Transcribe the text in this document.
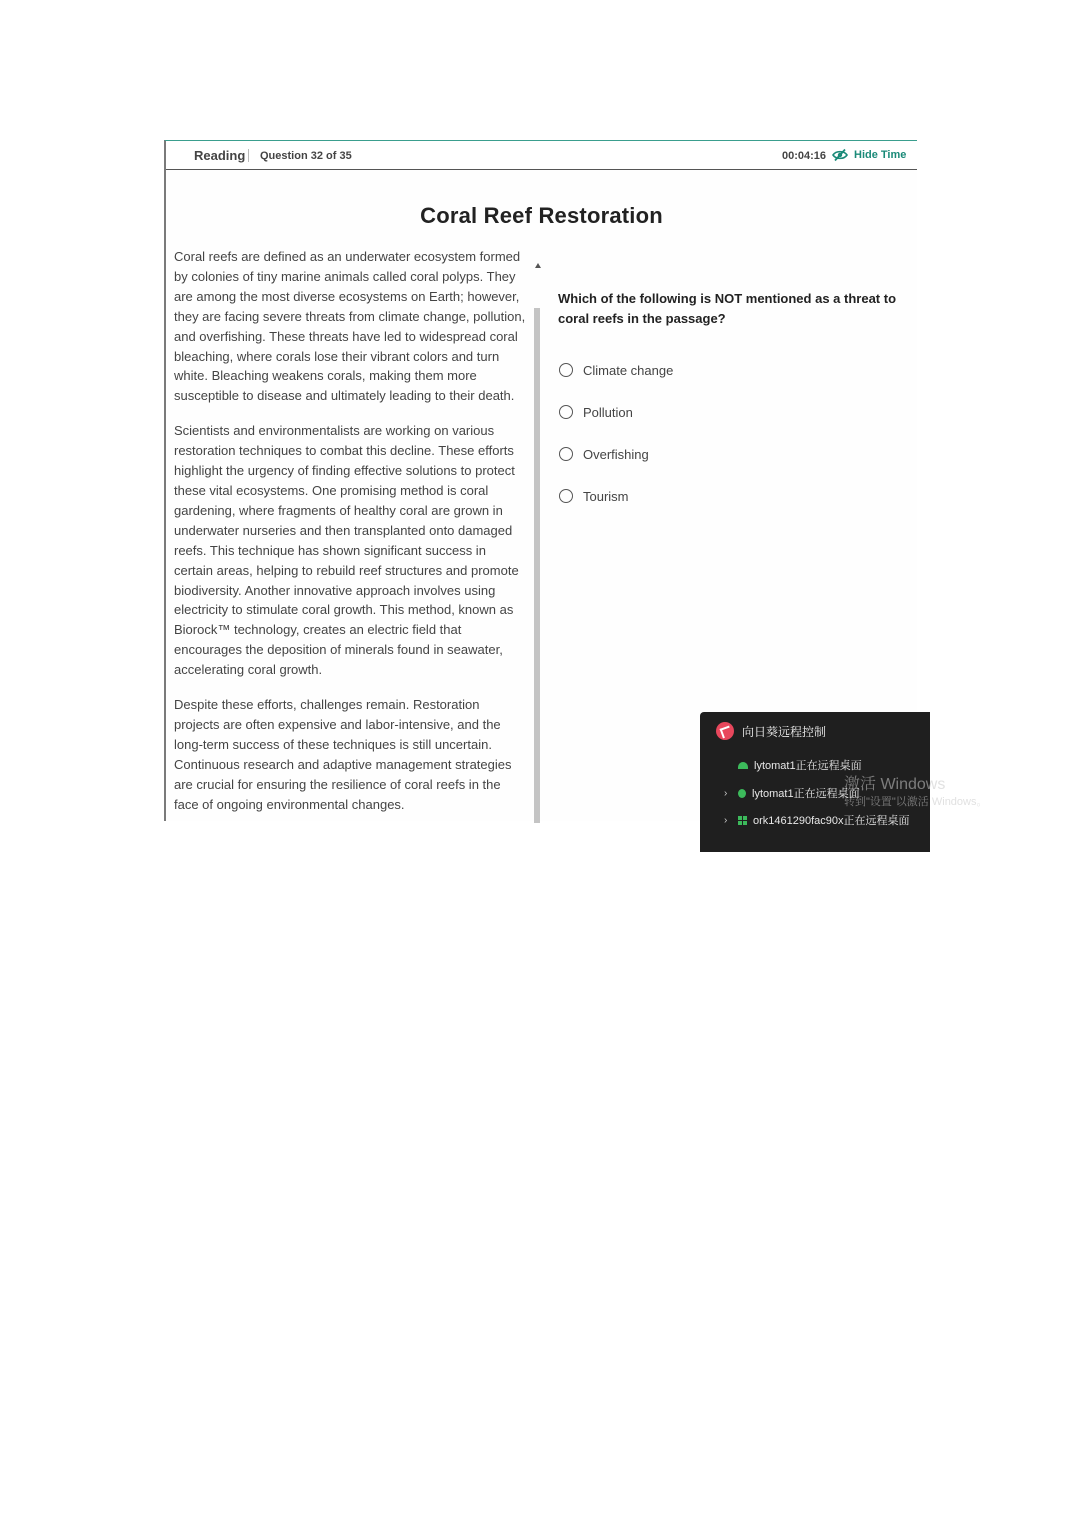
Reading Question 32 of 35	00:04:16	Hide Time
Coral Reef Restoration

Coral reefs are defined as an underwater ecosystem formed by colonies of tiny marine animals called coral polyps. They are among the most diverse ecosystems on Earth; however, they are facing severe threats from climate change, pollution, and overfishing. These threats have led to widespread coral bleaching, where corals lose their vibrant colors and turn white. Bleaching weakens corals, making them more susceptible to disease and ultimately leading to their death.

Scientists and environmentalists are working on various restoration techniques to combat this decline. These efforts highlight the urgency of finding effective solutions to protect these vital ecosystems. One promising method is coral gardening, where fragments of healthy coral are grown in underwater nurseries and then transplanted onto damaged reefs. This technique has shown significant success in certain areas, helping to rebuild reef structures and promote biodiversity. Another innovative approach involves using electricity to stimulate coral growth. This method, known as Biorock™ technology, creates an electric field that encourages the deposition of minerals found in seawater, accelerating coral growth.

Despite these efforts, challenges remain. Restoration projects are often expensive and labor-intensive, and the long-term success of these techniques is still uncertain. Continuous research and adaptive management strategies are crucial for ensuring the resilience of coral reefs in the face of ongoing environmental changes.

Which of the following is NOT mentioned as a threat to coral reefs in the passage?

Climate change
Pollution
Overfishing
Tourism
向日葵远程控制
lytomat1正在远程桌面
›	lytomat1正在远程桌面
›	ork1461290fac90x正在远程桌面
激活 Windows
转到"设置"以激活 Windows。
